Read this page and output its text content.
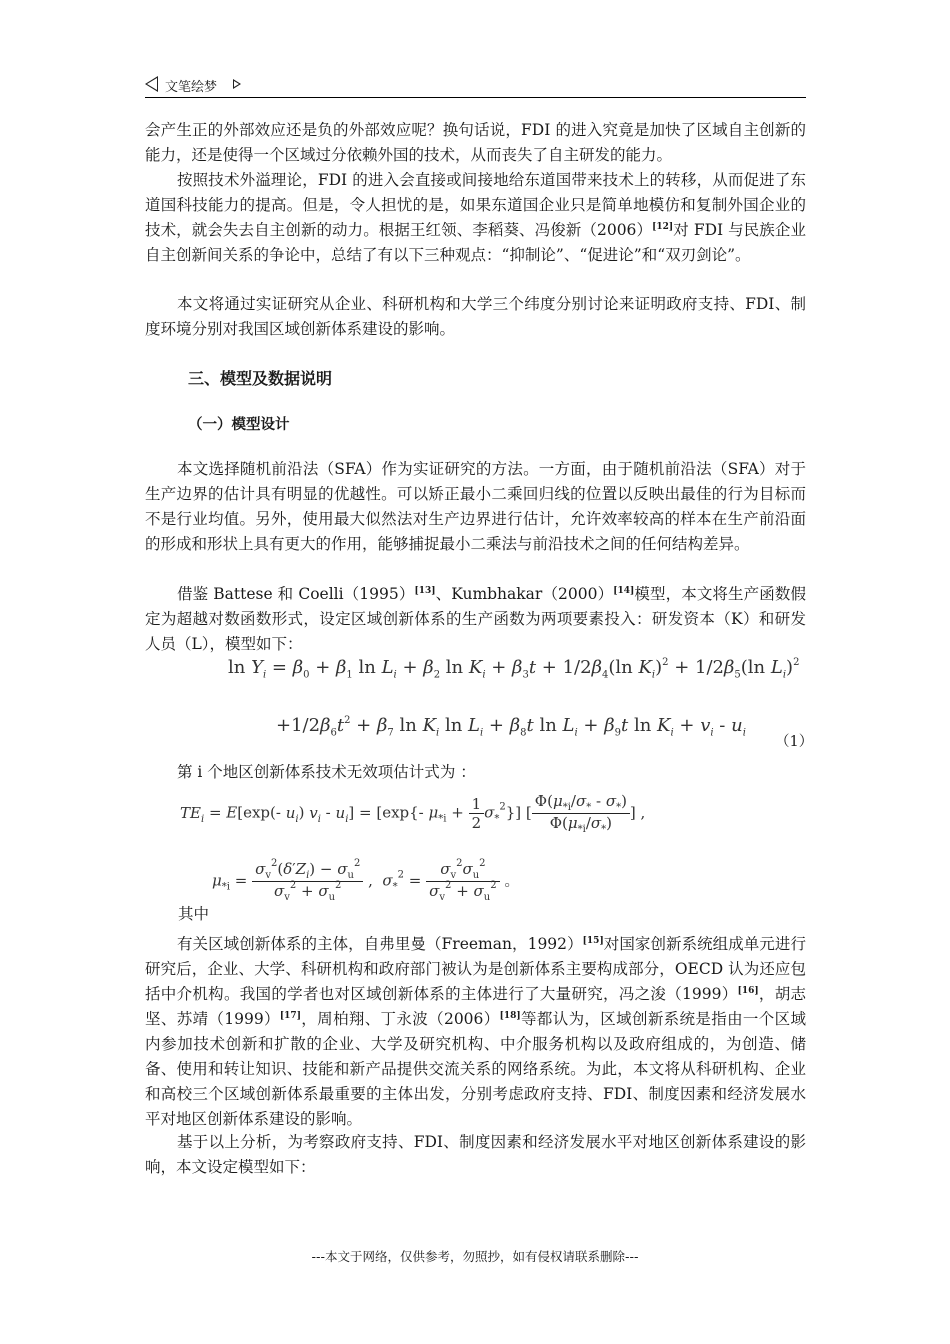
文笔绘梦

会产生正的外部效应还是负的外部效应呢？换句话说，FDI 的进入究竟是加快了区域自主创新的能力，还是使得一个区域过分依赖外国的技术，从而丧失了自主研发的能力。

按照技术外溢理论，FDI 的进入会直接或间接地给东道国带来技术上的转移，从而促进了东道国科技能力的提高。但是，令人担忧的是，如果东道国企业只是简单地模仿和复制外国企业的技术，就会失去自主创新的动力。根据王红领、李稻葵、冯俊新（2006）[12]对 FDI 与民族企业自主创新间关系的争论中，总结了有以下三种观点：“抑制论”、“促进论”和“双刃剑论”。

本文将通过实证研究从企业、科研机构和大学三个纬度分别讨论来证明政府支持、FDI、制度环境分别对我国区域创新体系建设的影响。

三、模型及数据说明
（一）模型设计

本文选择随机前沿法（SFA）作为实证研究的方法。一方面，由于随机前沿法（SFA）对于生产边界的估计具有明显的优越性。可以矫正最小二乘回归线的位置以反映出最佳的行为目标而不是行业均值。另外，使用最大似然法对生产边界进行估计，允许效率较高的样本在生产前沿面的形成和形状上具有更大的作用，能够捕捉最小二乘法与前沿技术之间的任何结构差异。

借鉴 Battese 和 Coelli（1995）[13]、Kumbhakar（2000）[14]模型，本文将生产函数假定为超越对数函数形式，设定区域创新体系的生产函数为两项要素投入：研发资本（K）和研发人员（L），模型如下：

$\ln Y_i = \beta_0 + \beta_1$ $\ln L_i + \beta_2$ $\ln K_i + \beta_3t + 1/2\beta_4(\ln$ $K_i)^2 + 1/2\beta_5(\ln$ $L_i)^2$
$+1/2\beta_6t^2 + \beta_7$ $\ln K_i$ $\ln L_i + \beta_8t$ $\ln L_i + \beta_9t$ $\ln K_i + v_i - u_i$
（1）

第 i 个地区创新体系技术无效项估计式为 ：

$TE_i = E[\exp(-$ $u_i$) $v_i - u_i] = [\exp\{-$ $\mu_{*i} + \frac{1}{2} \sigma_*^2$}] [ $\frac{\Phi(\mu_{*i}/\sigma_* - \sigma_*)}{\Phi(\mu_{*i}/\sigma_*)}$ ] ,

其中

$\mu_{*i} = \frac{\sigma_v^2(\delta'Z_i) - \sigma_u^2}{\sigma_v^2 + \sigma_u^2}$ ,  $\sigma_*^2 = \frac{\sigma_v^2\sigma_u^2}{\sigma_v^2 + \sigma_u^2}$ 。

有关区域创新体系的主体，自弗里曼（Freeman，1992）[15]对国家创新系统组成单元进行研究后，企业、大学、科研机构和政府部门被认为是创新体系主要构成部分，OECD 认为还应包括中介机构。我国的学者也对区域创新体系的主体进行了大量研究，冯之浚（1999）[16]，胡志坚、苏靖（1999）[17]，周柏翔、丁永波（2006）[18]等都认为，区域创新系统是指由一个区域内参加技术创新和扩散的企业、大学及研究机构、中介服务机构以及政府组成的，为创造、储备、使用和转让知识、技能和新产品提供交流关系的网络系统。为此，本文将从科研机构、企业和高校三个区域创新体系最重要的主体出发，分别考虑政府支持、FDI、制度因素和经济发展水平对地区创新体系建设的影响。

基于以上分析，为考察政府支持、FDI、制度因素和经济发展水平对地区创新体系建设的影响，本文设定模型如下：

---本文于网络，仅供参考，勿照抄，如有侵权请联系删除---
